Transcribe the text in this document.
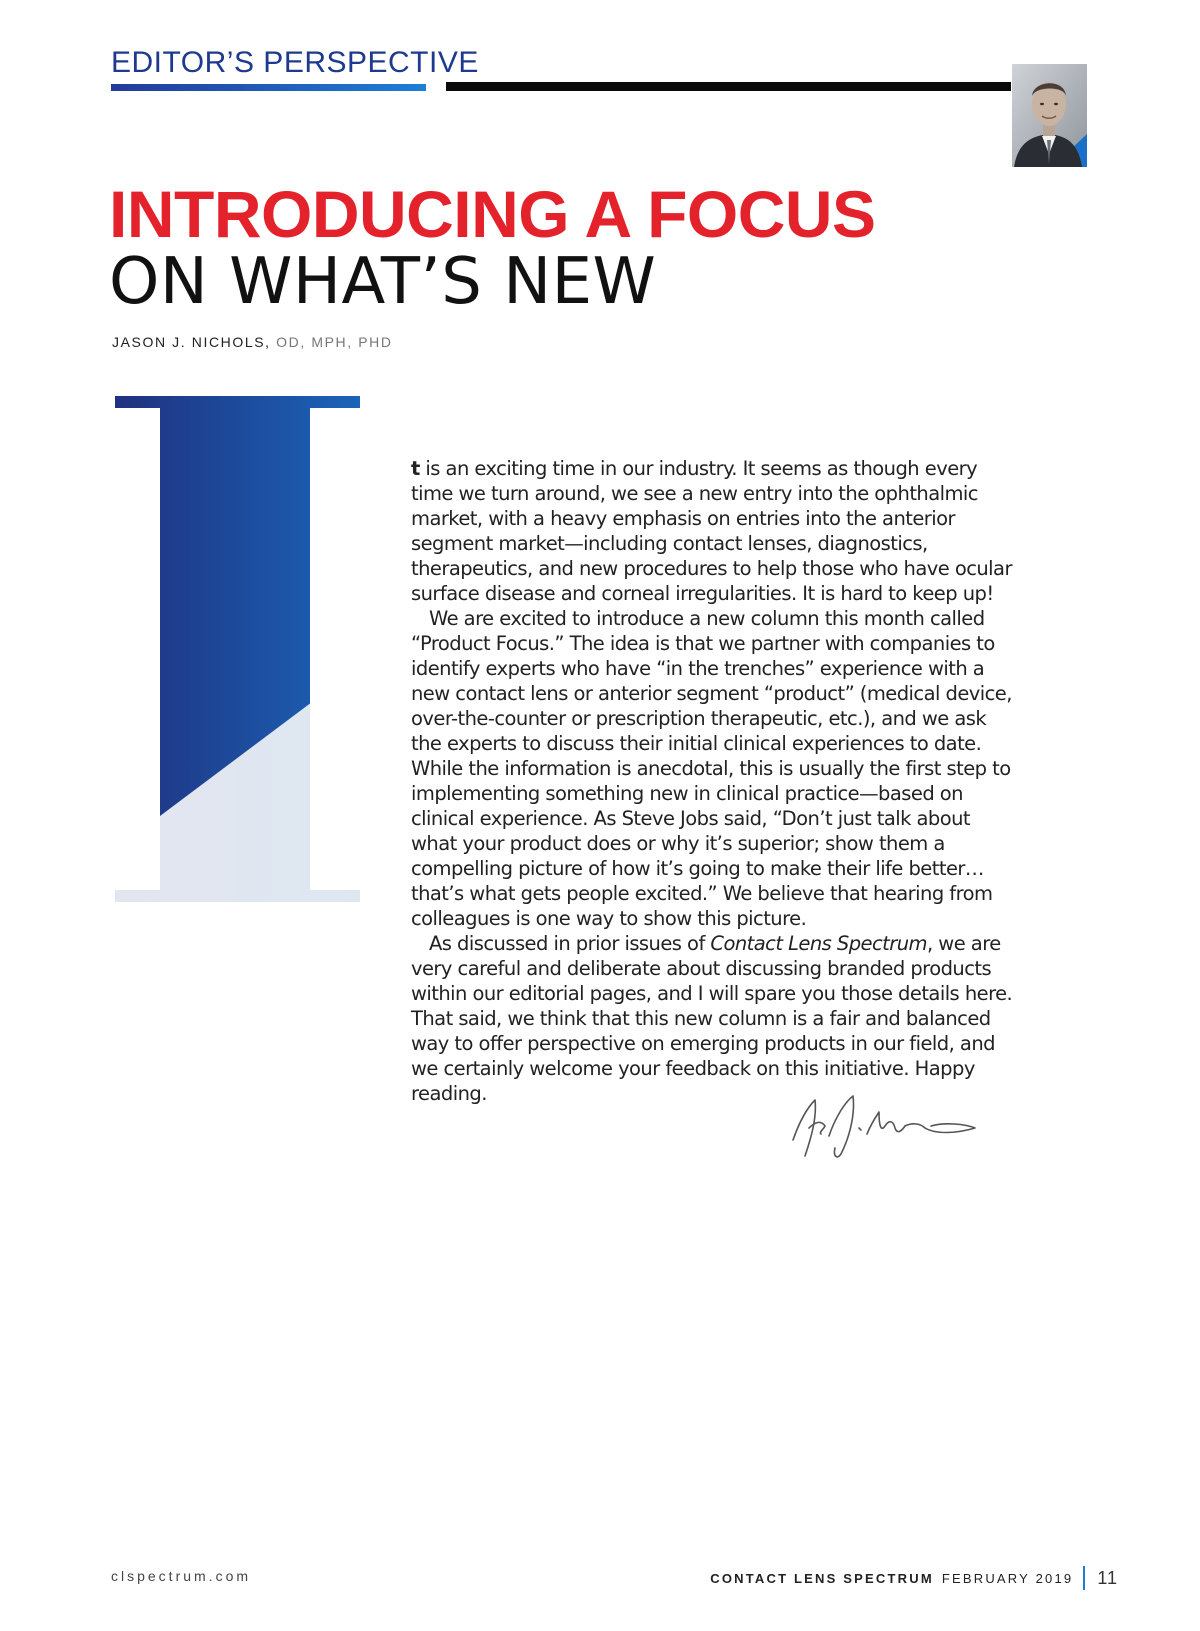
EDITOR’S PERSPECTIVE
INTRODUCING A FOCUS
ON WHAT’S NEW
JASON J. NICHOLS, OD, MPH, PHD

t is an exciting time in our industry. It seems as though every time we turn around, we see a new entry into the ophthalmic market, with a heavy emphasis on entries into the anterior segment market—including contact lenses, diagnostics, therapeutics, and new procedures to help those who have ocular surface disease and corneal irregularities. It is hard to keep up!

We are excited to introduce a new column this month called “Product Focus.” The idea is that we partner with companies to identify experts who have “in the trenches” experience with a new contact lens or anterior segment “product” (medical device, over-the-counter or prescription therapeutic, etc.), and we ask the experts to discuss their initial clinical experiences to date. While the information is anecdotal, this is usually the first step to implementing something new in clinical practice—based on clinical experience. As Steve Jobs said, “Don’t just talk about what your product does or why it’s superior; show them a compelling picture of how it’s going to make their life better…that’s what gets people excited.” We believe that hearing from colleagues is one way to show this picture.

As discussed in prior issues of Contact Lens Spectrum, we are very careful and deliberate about discussing branded products within our editorial pages, and I will spare you those details here. That said, we think that this new column is a fair and balanced way to offer perspective on emerging products in our field, and we certainly welcome your feedback on this initiative. Happy reading.

clspectrum.com	CONTACT LENS SPECTRUM FEBRUARY 2019 11
